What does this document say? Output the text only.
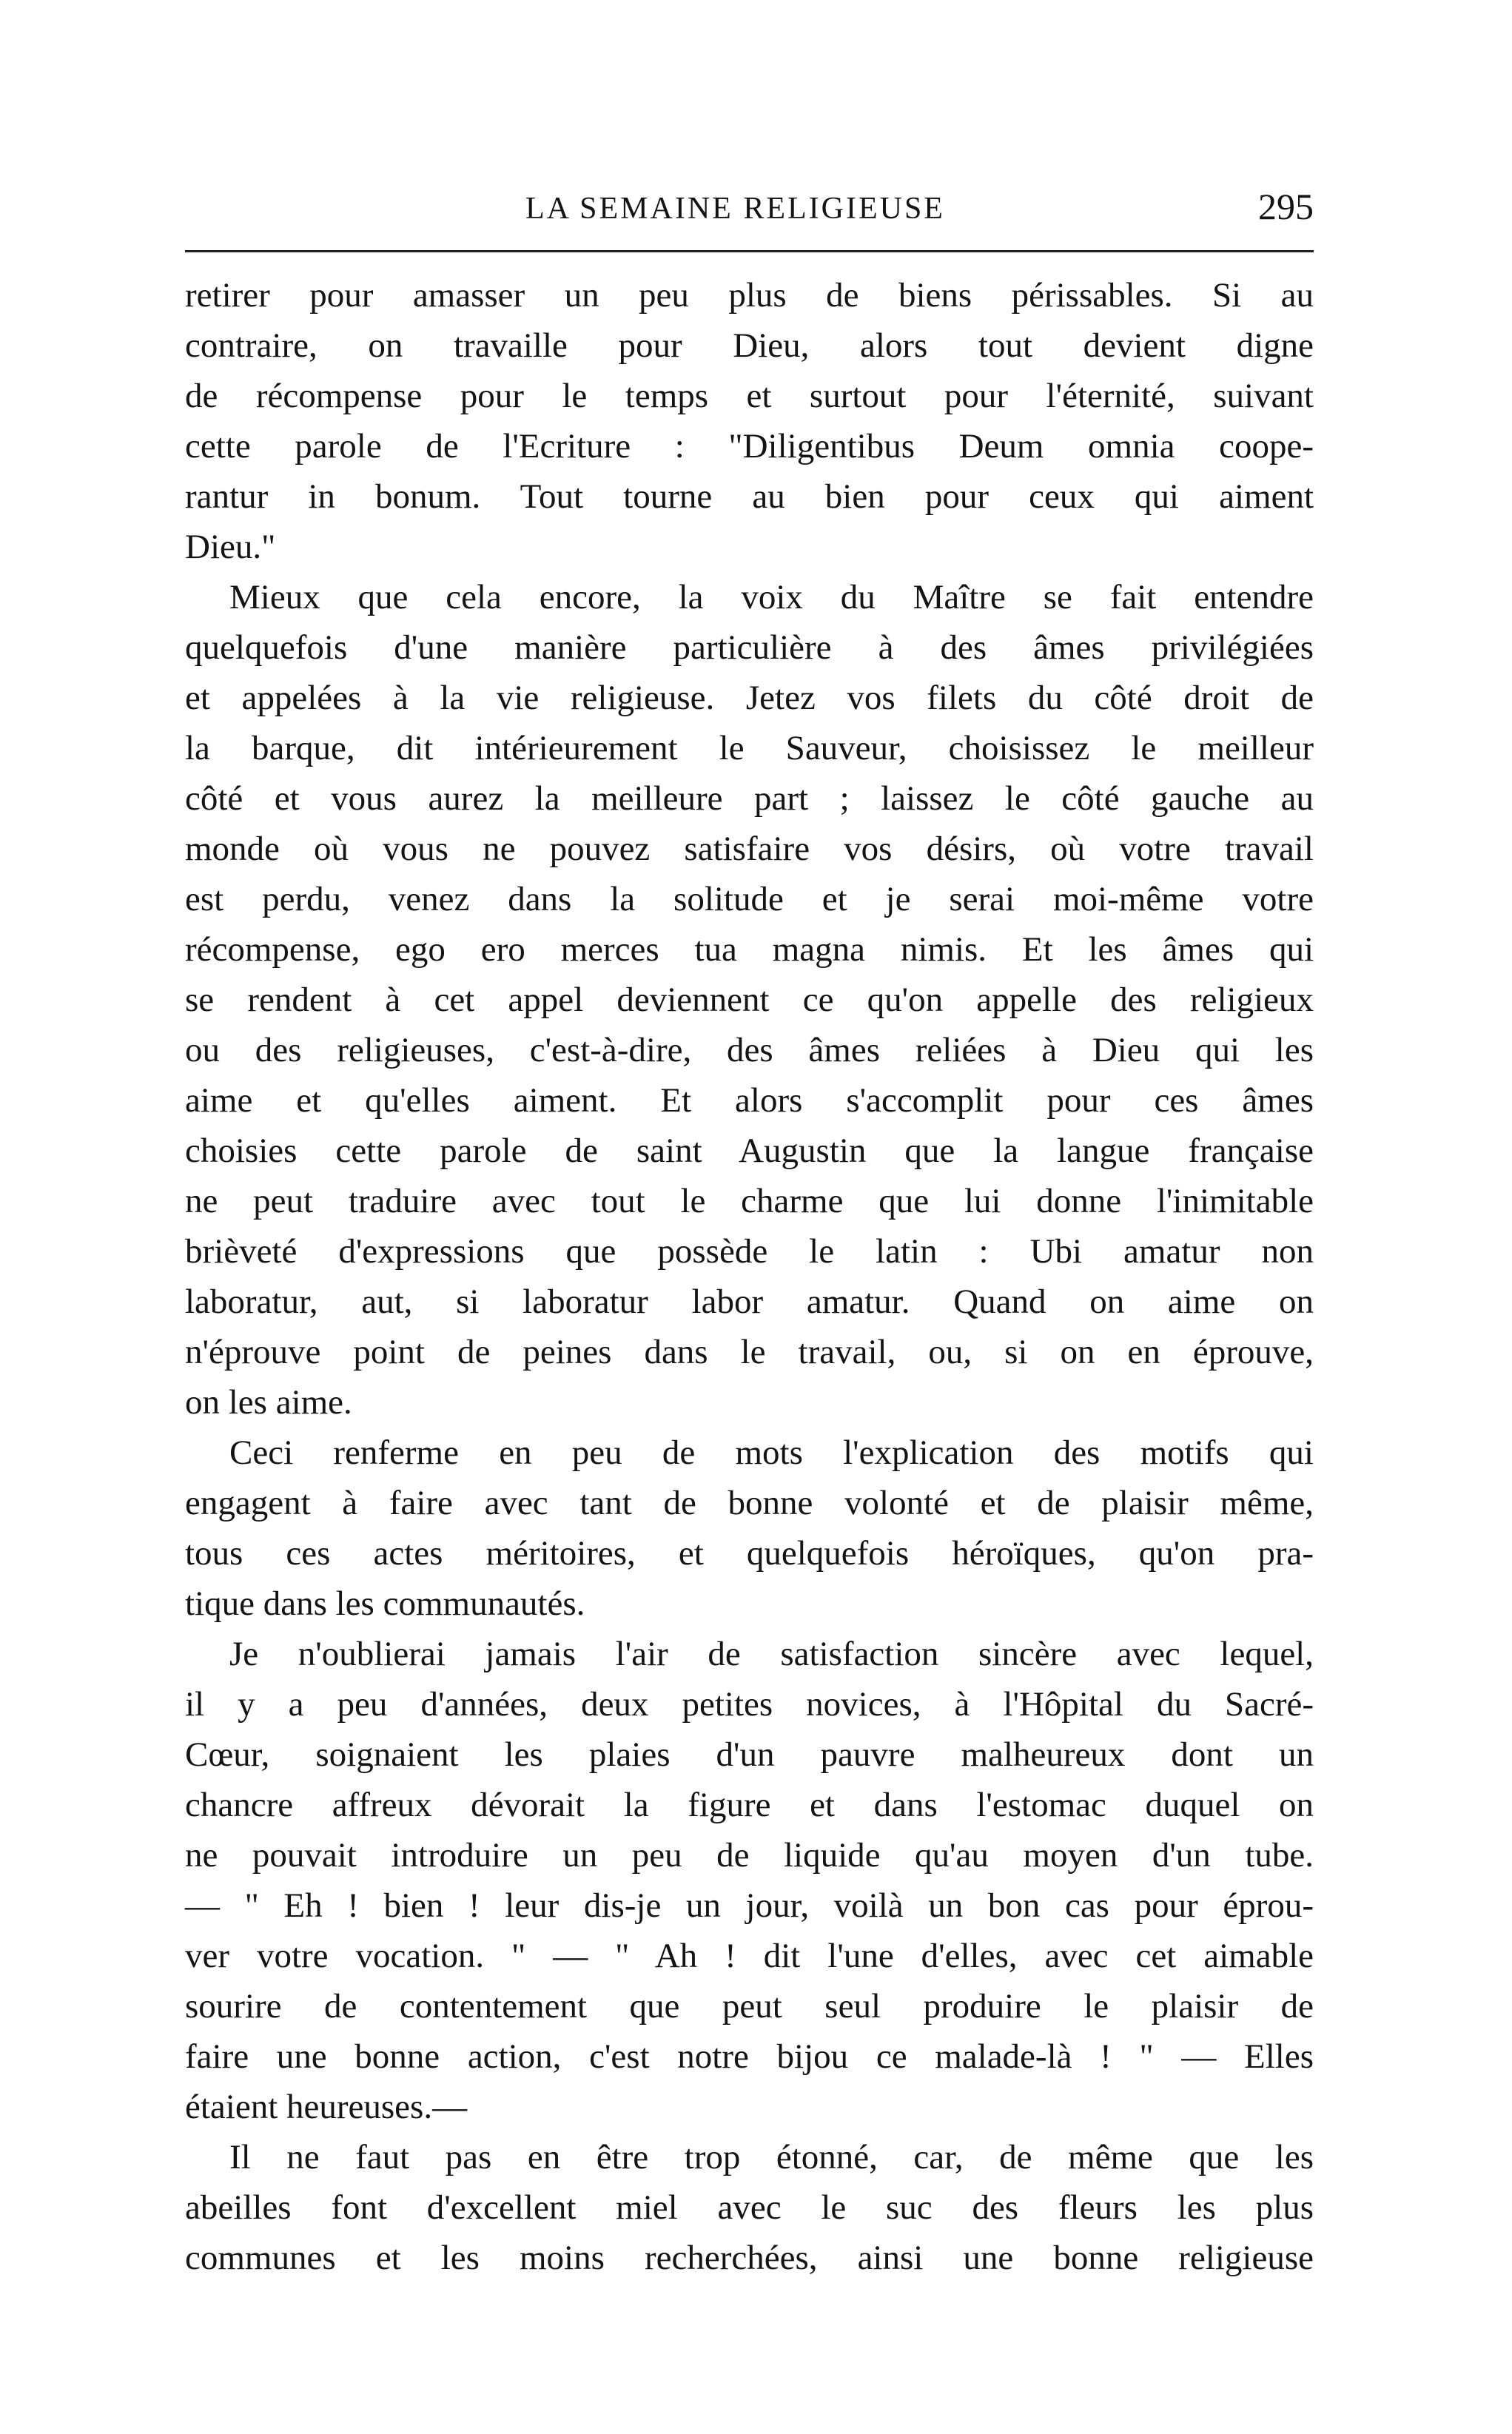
LA SEMAINE RELIGIEUSE	295
retirer pour amasser un peu plus de biens périssables. Si au
contraire, on travaille pour Dieu, alors tout devient digne
de récompense pour le temps et surtout pour l'éternité, suivant
cette parole de l'Ecriture : "Diligentibus Deum omnia coope-
rantur in bonum. Tout tourne au bien pour ceux qui aiment
Dieu."
Mieux que cela encore, la voix du Maître se fait entendre
quelquefois d'une manière particulière à des âmes privilégiées
et appelées à la vie religieuse. Jetez vos filets du côté droit de
la barque, dit intérieurement le Sauveur, choisissez le meilleur
côté et vous aurez la meilleure part ; laissez le côté gauche au
monde où vous ne pouvez satisfaire vos désirs, où votre travail
est perdu, venez dans la solitude et je serai moi-même votre
récompense, ego ero merces tua magna nimis. Et les âmes qui
se rendent à cet appel deviennent ce qu'on appelle des religieux
ou des religieuses, c'est-à-dire, des âmes reliées à Dieu qui les
aime et qu'elles aiment. Et alors s'accomplit pour ces âmes
choisies cette parole de saint Augustin que la langue française
ne peut traduire avec tout le charme que lui donne l'inimitable
brièveté d'expressions que possède le latin : Ubi amatur non
laboratur, aut, si laboratur labor amatur. Quand on aime on
n'éprouve point de peines dans le travail, ou, si on en éprouve,
on les aime.
Ceci renferme en peu de mots l'explication des motifs qui
engagent à faire avec tant de bonne volonté et de plaisir même,
tous ces actes méritoires, et quelquefois héroïques, qu'on pra-
tique dans les communautés.
Je n'oublierai jamais l'air de satisfaction sincère avec lequel,
il y a peu d'années, deux petites novices, à l'Hôpital du Sacré-
Cœur, soignaient les plaies d'un pauvre malheureux dont un
chancre affreux dévorait la figure et dans l'estomac duquel on
ne pouvait introduire un peu de liquide qu'au moyen d'un tube.
— " Eh ! bien ! leur dis-je un jour, voilà un bon cas pour éprou-
ver votre vocation. " — " Ah ! dit l'une d'elles, avec cet aimable
sourire de contentement que peut seul produire le plaisir de
faire une bonne action, c'est notre bijou ce malade-là ! " — Elles
étaient heureuses.—
Il ne faut pas en être trop étonné, car, de même que les
abeilles font d'excellent miel avec le suc des fleurs les plus
communes et les moins recherchées, ainsi une bonne religieuse
